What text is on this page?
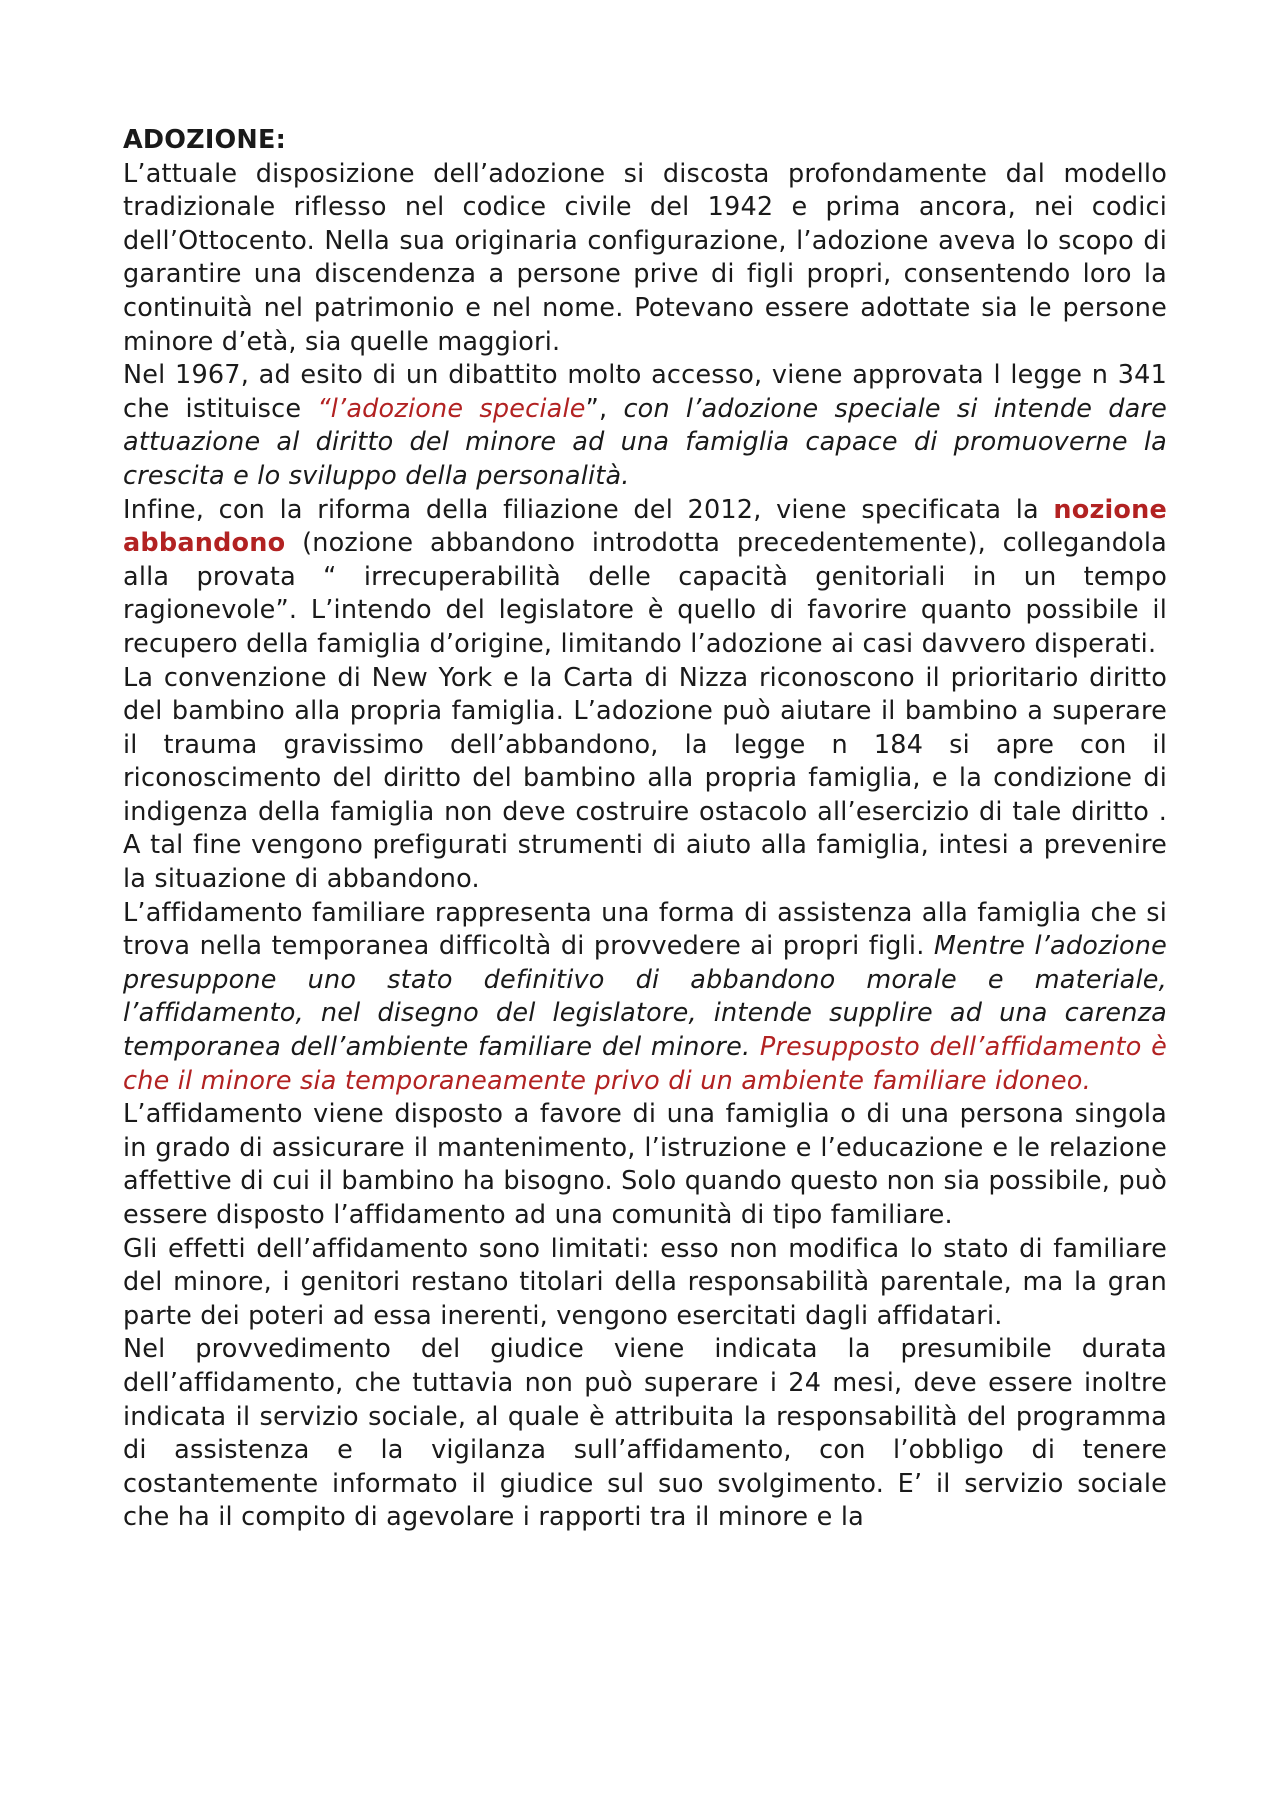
ADOZIONE:

L’attuale disposizione dell’adozione si discosta profondamente dal modello tradizionale riflesso nel codice civile del 1942 e prima ancora, nei codici dell’Ottocento. Nella sua originaria configurazione, l’adozione aveva lo scopo di garantire una discendenza a persone prive di figli propri, consentendo loro la continuità nel patrimonio e nel nome. Potevano essere adottate sia le persone minore d’età, sia quelle maggiori.

Nel 1967, ad esito di un dibattito molto accesso, viene approvata l legge n 341 che istituisce “l’adozione speciale”, con l’adozione speciale si intende dare attuazione al diritto del minore ad una famiglia capace di promuoverne la crescita e lo sviluppo della personalità.

Infine, con la riforma della filiazione del 2012, viene specificata la nozione abbandono (nozione abbandono introdotta precedentemente), collegandola alla provata “ irrecuperabilità delle capacità genitoriali in un tempo ragionevole”. L’intendo del legislatore è quello di favorire quanto possibile il recupero della famiglia d’origine, limitando l’adozione ai casi davvero disperati.

La convenzione di New York e la Carta di Nizza riconoscono il prioritario diritto del bambino alla propria famiglia. L’adozione può aiutare il bambino a superare il trauma gravissimo dell’abbandono, la legge n 184 si apre con il riconoscimento del diritto del bambino alla propria famiglia, e la condizione di indigenza della famiglia non deve costruire ostacolo all’esercizio di tale diritto . A tal fine vengono prefigurati strumenti di aiuto alla famiglia, intesi a prevenire la situazione di abbandono.

L’affidamento familiare rappresenta una forma di assistenza alla famiglia che si trova nella temporanea difficoltà di provvedere ai propri figli. Mentre l’adozione presuppone uno stato definitivo di abbandono morale e materiale, l’affidamento, nel disegno del legislatore, intende supplire ad una carenza temporanea dell’ambiente familiare del minore. Presupposto dell’affidamento è che il minore sia temporaneamente privo di un ambiente familiare idoneo.

L’affidamento viene disposto a favore di una famiglia o di una persona singola in grado di assicurare il mantenimento, l’istruzione e l’educazione e le relazione affettive di cui il bambino ha bisogno. Solo quando questo non sia possibile, può essere disposto l’affidamento ad una comunità di tipo familiare.

Gli effetti dell’affidamento sono limitati: esso non modifica lo stato di familiare del minore, i genitori restano titolari della responsabilità parentale, ma la gran parte dei poteri ad essa inerenti, vengono esercitati dagli affidatari.

Nel provvedimento del giudice viene indicata la presumibile durata dell’affidamento, che tuttavia non può superare i 24 mesi, deve essere inoltre indicata il servizio sociale, al quale è attribuita la responsabilità del programma di assistenza e la vigilanza sull’affidamento, con l’obbligo di tenere costantemente informato il giudice sul suo svolgimento. E’ il servizio sociale che ha il compito di agevolare i rapporti tra il minore e la
